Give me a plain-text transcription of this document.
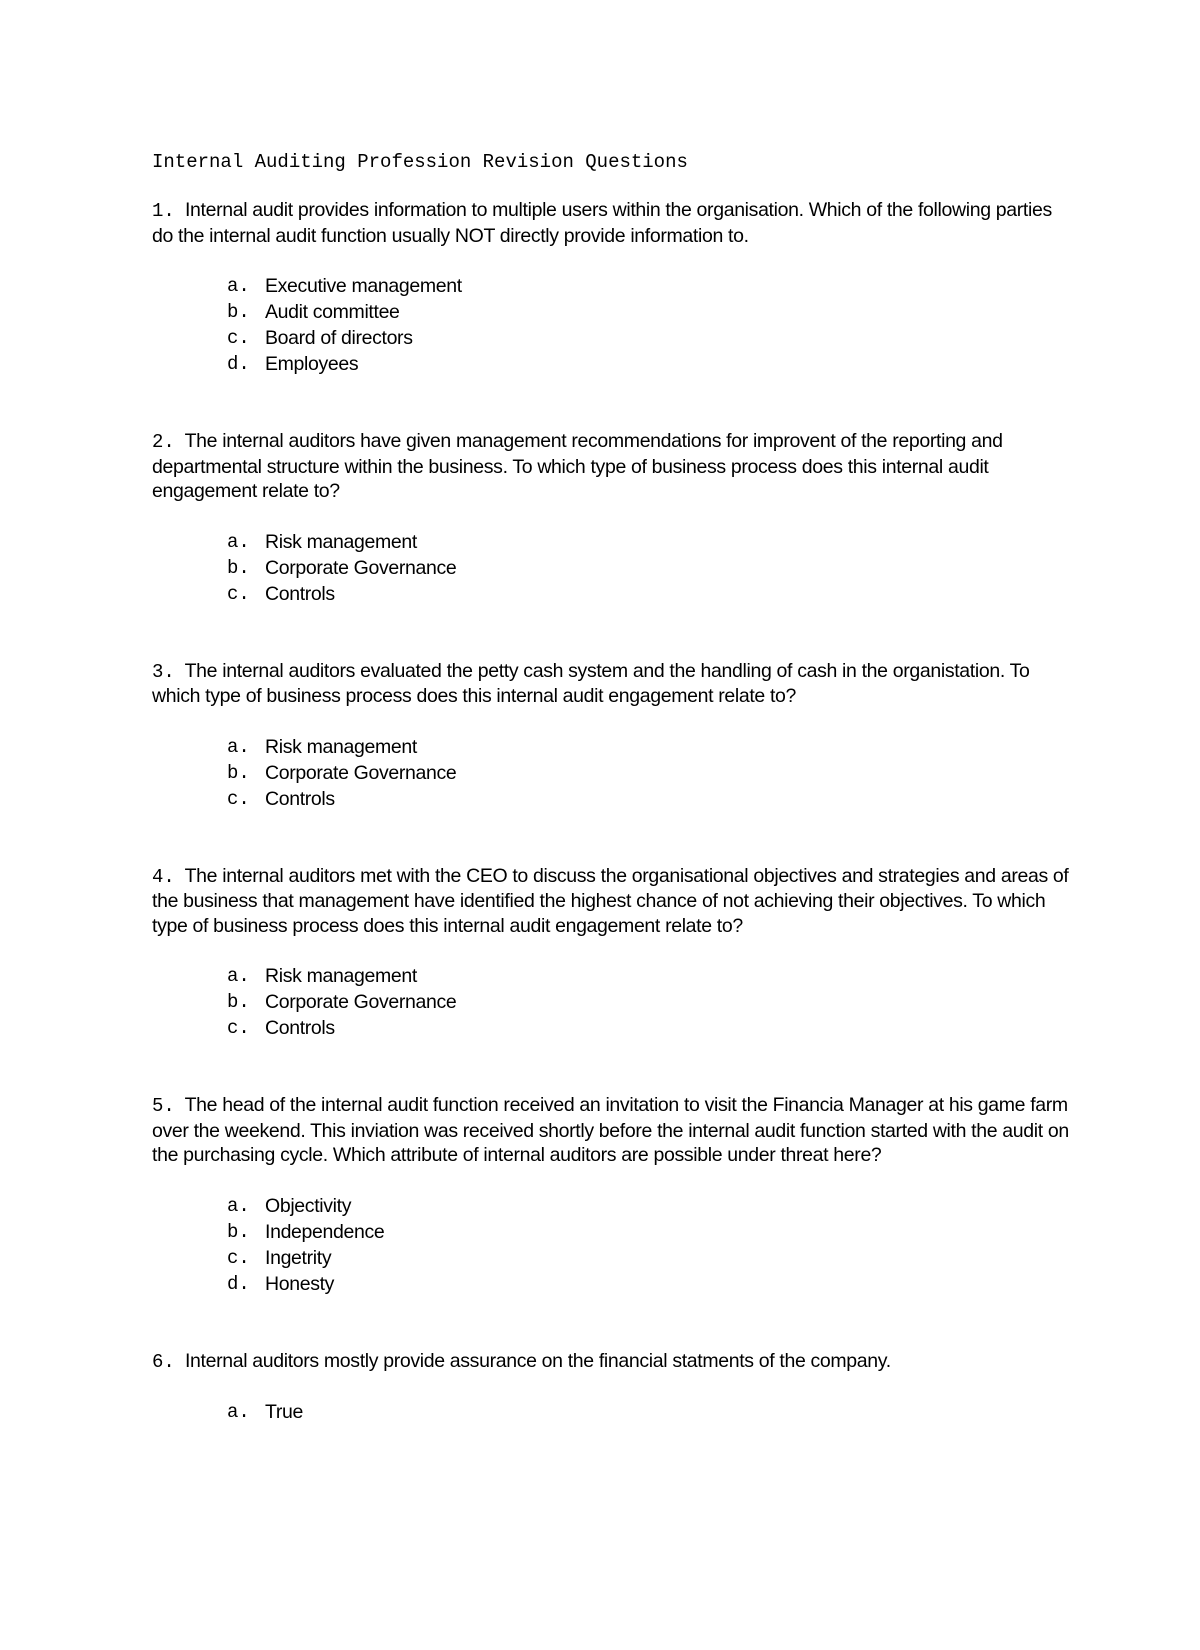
Internal Auditing Profession Revision Questions

1. Internal audit provides information to multiple users within the organisation. Which of the following parties do the internal audit function usually NOT directly provide information to.

a. Executive management
b. Audit committee
c. Board of directors
d. Employees

2. The internal auditors have given management recommendations for improvent of the reporting and departmental structure within the business. To which type of business process does this internal audit engagement relate to?

a. Risk management
b. Corporate Governance
c. Controls

3. The internal auditors evaluated the petty cash system and the handling of cash in the organistation. To which type of business process does this internal audit engagement relate to?

a. Risk management
b. Corporate Governance
c. Controls

4. The internal auditors met with the CEO to discuss the organisational objectives and strategies and areas of the business that management have identified the highest chance of not achieving their objectives. To which type of business process does this internal audit engagement relate to?

a. Risk management
b. Corporate Governance
c. Controls

5. The head of the internal audit function received an invitation to visit the Financia Manager at his game farm over the weekend. This inviation was received shortly before the internal audit function started with the audit on the purchasing cycle. Which attribute of internal auditors are possible under threat here?

a. Objectivity
b. Independence
c. Ingetrity
d. Honesty

6. Internal auditors mostly provide assurance on the financial statments of the company.

a. True
